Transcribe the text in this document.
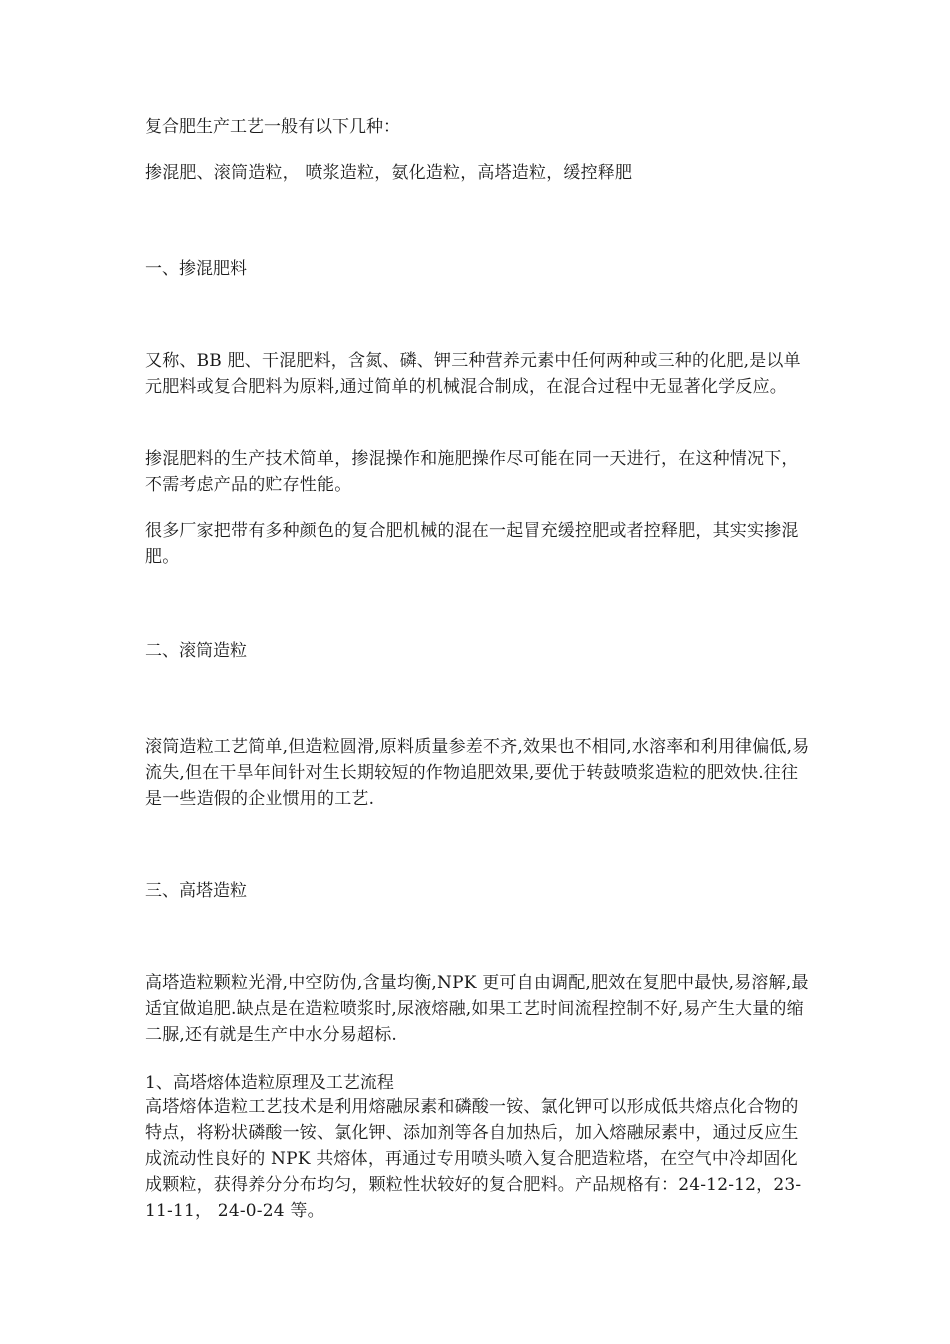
复合肥生产工艺一般有以下几种：

掺混肥、滚筒造粒， 喷浆造粒，氨化造粒，高塔造粒，缓控释肥

一、掺混肥料

又称、BB 肥、干混肥料，含氮、磷、钾三种营养元素中任何两种或三种的化肥,是以单元肥料或复合肥料为原料,通过简单的机械混合制成，在混合过程中无显著化学反应。

掺混肥料的生产技术简单，掺混操作和施肥操作尽可能在同一天进行，在这种情况下，不需考虑产品的贮存性能。

很多厂家把带有多种颜色的复合肥机械的混在一起冒充缓控肥或者控释肥，其实实掺混肥。

二、滚筒造粒

滚筒造粒工艺简单,但造粒圆滑,原料质量参差不齐,效果也不相同,水溶率和利用律偏低,易流失,但在干旱年间针对生长期较短的作物追肥效果,要优于转鼓喷浆造粒的肥效快.往往是一些造假的企业惯用的工艺.

三、高塔造粒

高塔造粒颗粒光滑,中空防伪,含量均衡,NPK 更可自由调配,肥效在复肥中最快,易溶解,最适宜做追肥.缺点是在造粒喷浆时,尿液熔融,如果工艺时间流程控制不好,易产生大量的缩二脲,还有就是生产中水分易超标.

1、高塔熔体造粒原理及工艺流程

高塔熔体造粒工艺技术是利用熔融尿素和磷酸一铵、氯化钾可以形成低共熔点化合物的特点，将粉状磷酸一铵、氯化钾、添加剂等各自加热后，加入熔融尿素中，通过反应生成流动性良好的 NPK 共熔体，再通过专用喷头喷入复合肥造粒塔，在空气中冷却固化成颗粒，获得养分分布均匀，颗粒性状较好的复合肥料。产品规格有：24-12-12，23-11-11， 24-0-24 等。
